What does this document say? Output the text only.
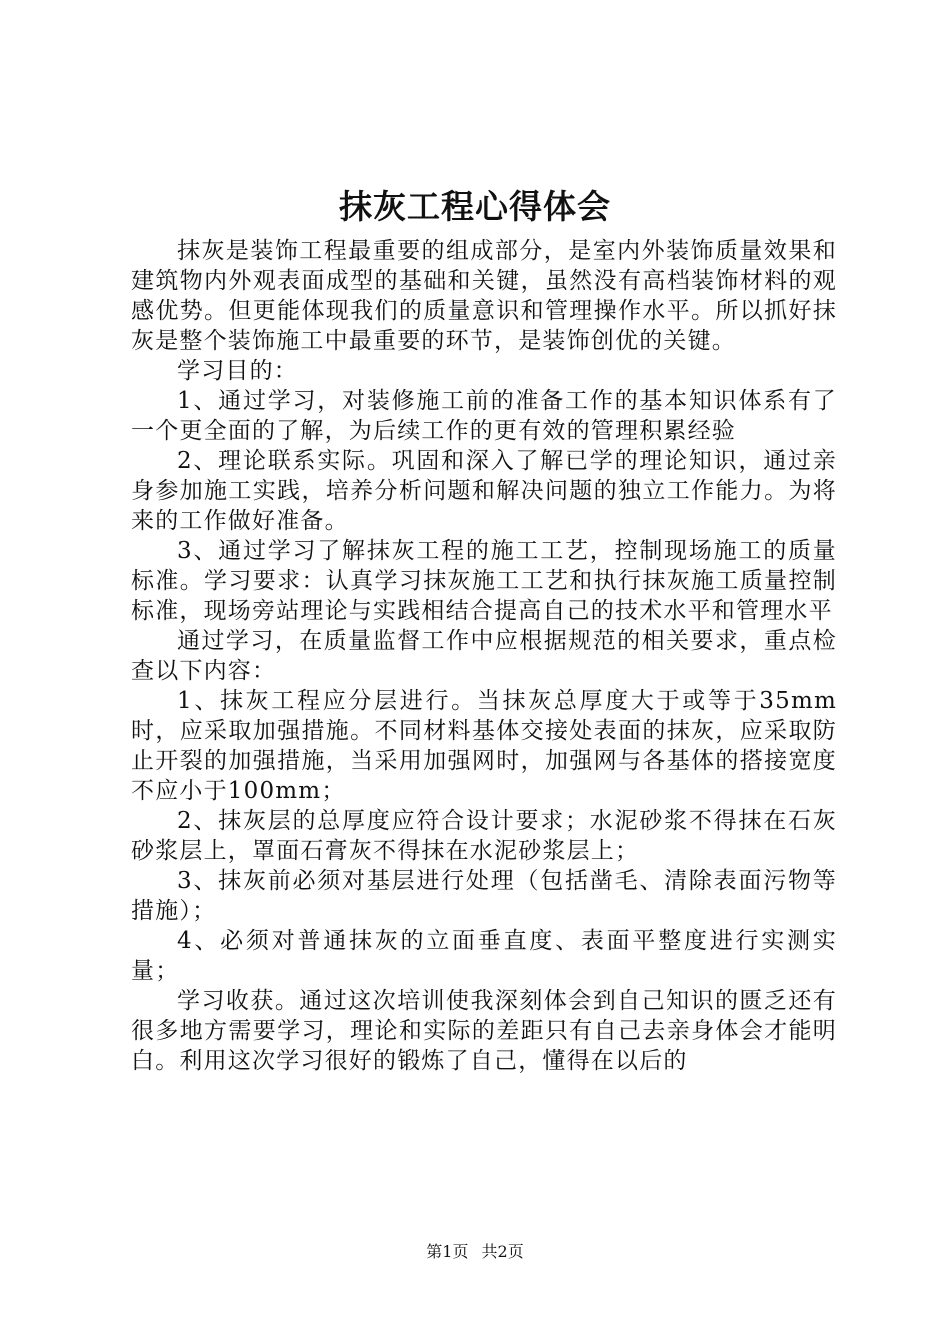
抹灰工程心得体会

抹灰是装饰工程最重要的组成部分，是室内外装饰质量效果和建筑物内外观表面成型的基础和关键，虽然没有高档装饰材料的观感优势。但更能体现我们的质量意识和管理操作水平。所以抓好抹灰是整个装饰施工中最重要的环节，是装饰创优的关键。

学习目的：

1、通过学习，对装修施工前的准备工作的基本知识体系有了一个更全面的了解，为后续工作的更有效的管理积累经验

2、理论联系实际。巩固和深入了解已学的理论知识，通过亲身参加施工实践，培养分析问题和解决问题的独立工作能力。为将来的工作做好准备。

3、通过学习了解抹灰工程的施工工艺，控制现场施工的质量标准。学习要求：认真学习抹灰施工工艺和执行抹灰施工质量控制标准，现场旁站理论与实践相结合提高自己的技术水平和管理水平

通过学习，在质量监督工作中应根据规范的相关要求，重点检查以下内容：

1、抹灰工程应分层进行。当抹灰总厚度大于或等于35mm时，应采取加强措施。不同材料基体交接处表面的抹灰，应采取防止开裂的加强措施，当采用加强网时，加强网与各基体的搭接宽度不应小于100mm；

2、抹灰层的总厚度应符合设计要求；水泥砂浆不得抹在石灰砂浆层上，罩面石膏灰不得抹在水泥砂浆层上；

3、抹灰前必须对基层进行处理（包括凿毛、清除表面污物等措施）；

4、必须对普通抹灰的立面垂直度、表面平整度进行实测实量；

学习收获。通过这次培训使我深刻体会到自己知识的匮乏还有很多地方需要学习，理论和实际的差距只有自己去亲身体会才能明白。利用这次学习很好的锻炼了自己，懂得在以后的

第1页 共2页
